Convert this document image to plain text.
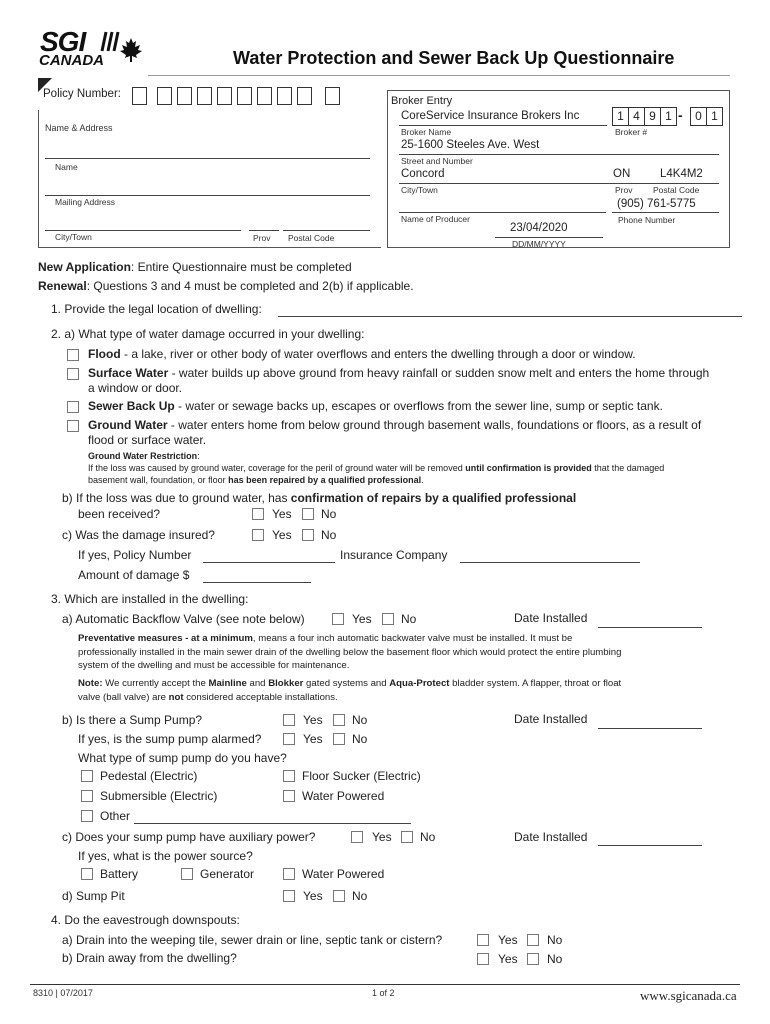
SGI
CANADA	Water Protection and Sewer Back Up Questionnaire
Policy Number:
Name & Address
Name
Mailing Address
City/Town	Prov Postal Code
Broker Entry
CoreService Insurance Brokers Inc
Broker Name
1 4 9 1 -	0 1
Broker #
25-1600 Steeles Ave. West
Street and Number
Concord	ON	L4K4M2
City/Town	Prov Postal Code
(905) 761-5775
Name of Producer	Phone Number
23/04/2020
DD/MM/YYYY
New Application: Entire Questionnaire must be completed
Renewal: Questions 3 and 4 must be completed and 2(b) if applicable.
1. Provide the legal location of dwelling:
2. a) What type of water damage occurred in your dwelling:
Flood - a lake, river or other body of water overflows and enters the dwelling through a door or window.
Surface Water - water builds up above ground from heavy rainfall or sudden snow melt and enters the home through
a window or door.
Sewer Back Up - water or sewage backs up, escapes or overflows from the sewer line, sump or septic tank.
Ground Water - water enters home from below ground through basement walls, foundations or floors, as a result of
flood or surface water.
Ground Water Restriction:
If the loss was caused by ground water, coverage for the peril of ground water will be removed until confirmation is provided that the damaged
basement wall, foundation, or floor has been repaired by a qualified professional.
b) If the loss was due to ground water, has confirmation of repairs by a qualified professional
been received?	Yes No
c) Was the damage insured?	Yes No
If yes, Policy Number	Insurance Company
Amount of damage $
3. Which are installed in the dwelling:
a) Automatic Backflow Valve (see note below)	Yes No	Date Installed
Preventative measures - at a minimum, means a four inch automatic backwater valve must be installed. It must be
professionally installed in the main sewer drain of the dwelling below the basement floor which would protect the entire plumbing
system of the dwelling and must be accessible for maintenance.
Note: We currently accept the Mainline and Blokker gated systems and Aqua-Protect bladder system. A flapper, throat or float
valve (ball valve) are not considered acceptable installations.
b) Is there a Sump Pump?	Yes No	Date Installed
If yes, is the sump pump alarmed?	Yes No
What type of sump pump do you have?
Pedestal (Electric)	Floor Sucker (Electric)
Submersible (Electric)	Water Powered
Other
c) Does your sump pump have auxiliary power?	Yes No	Date Installed
If yes, what is the power source?
Battery	Generator	Water Powered
d) Sump Pit	Yes No
4. Do the eavestrough downspouts:
a) Drain into the weeping tile, sewer drain or line, septic tank or cistern?	Yes No
b) Drain away from the dwelling?	Yes No
8310 | 07/2017	1 of 2	www.sgicanada.ca
